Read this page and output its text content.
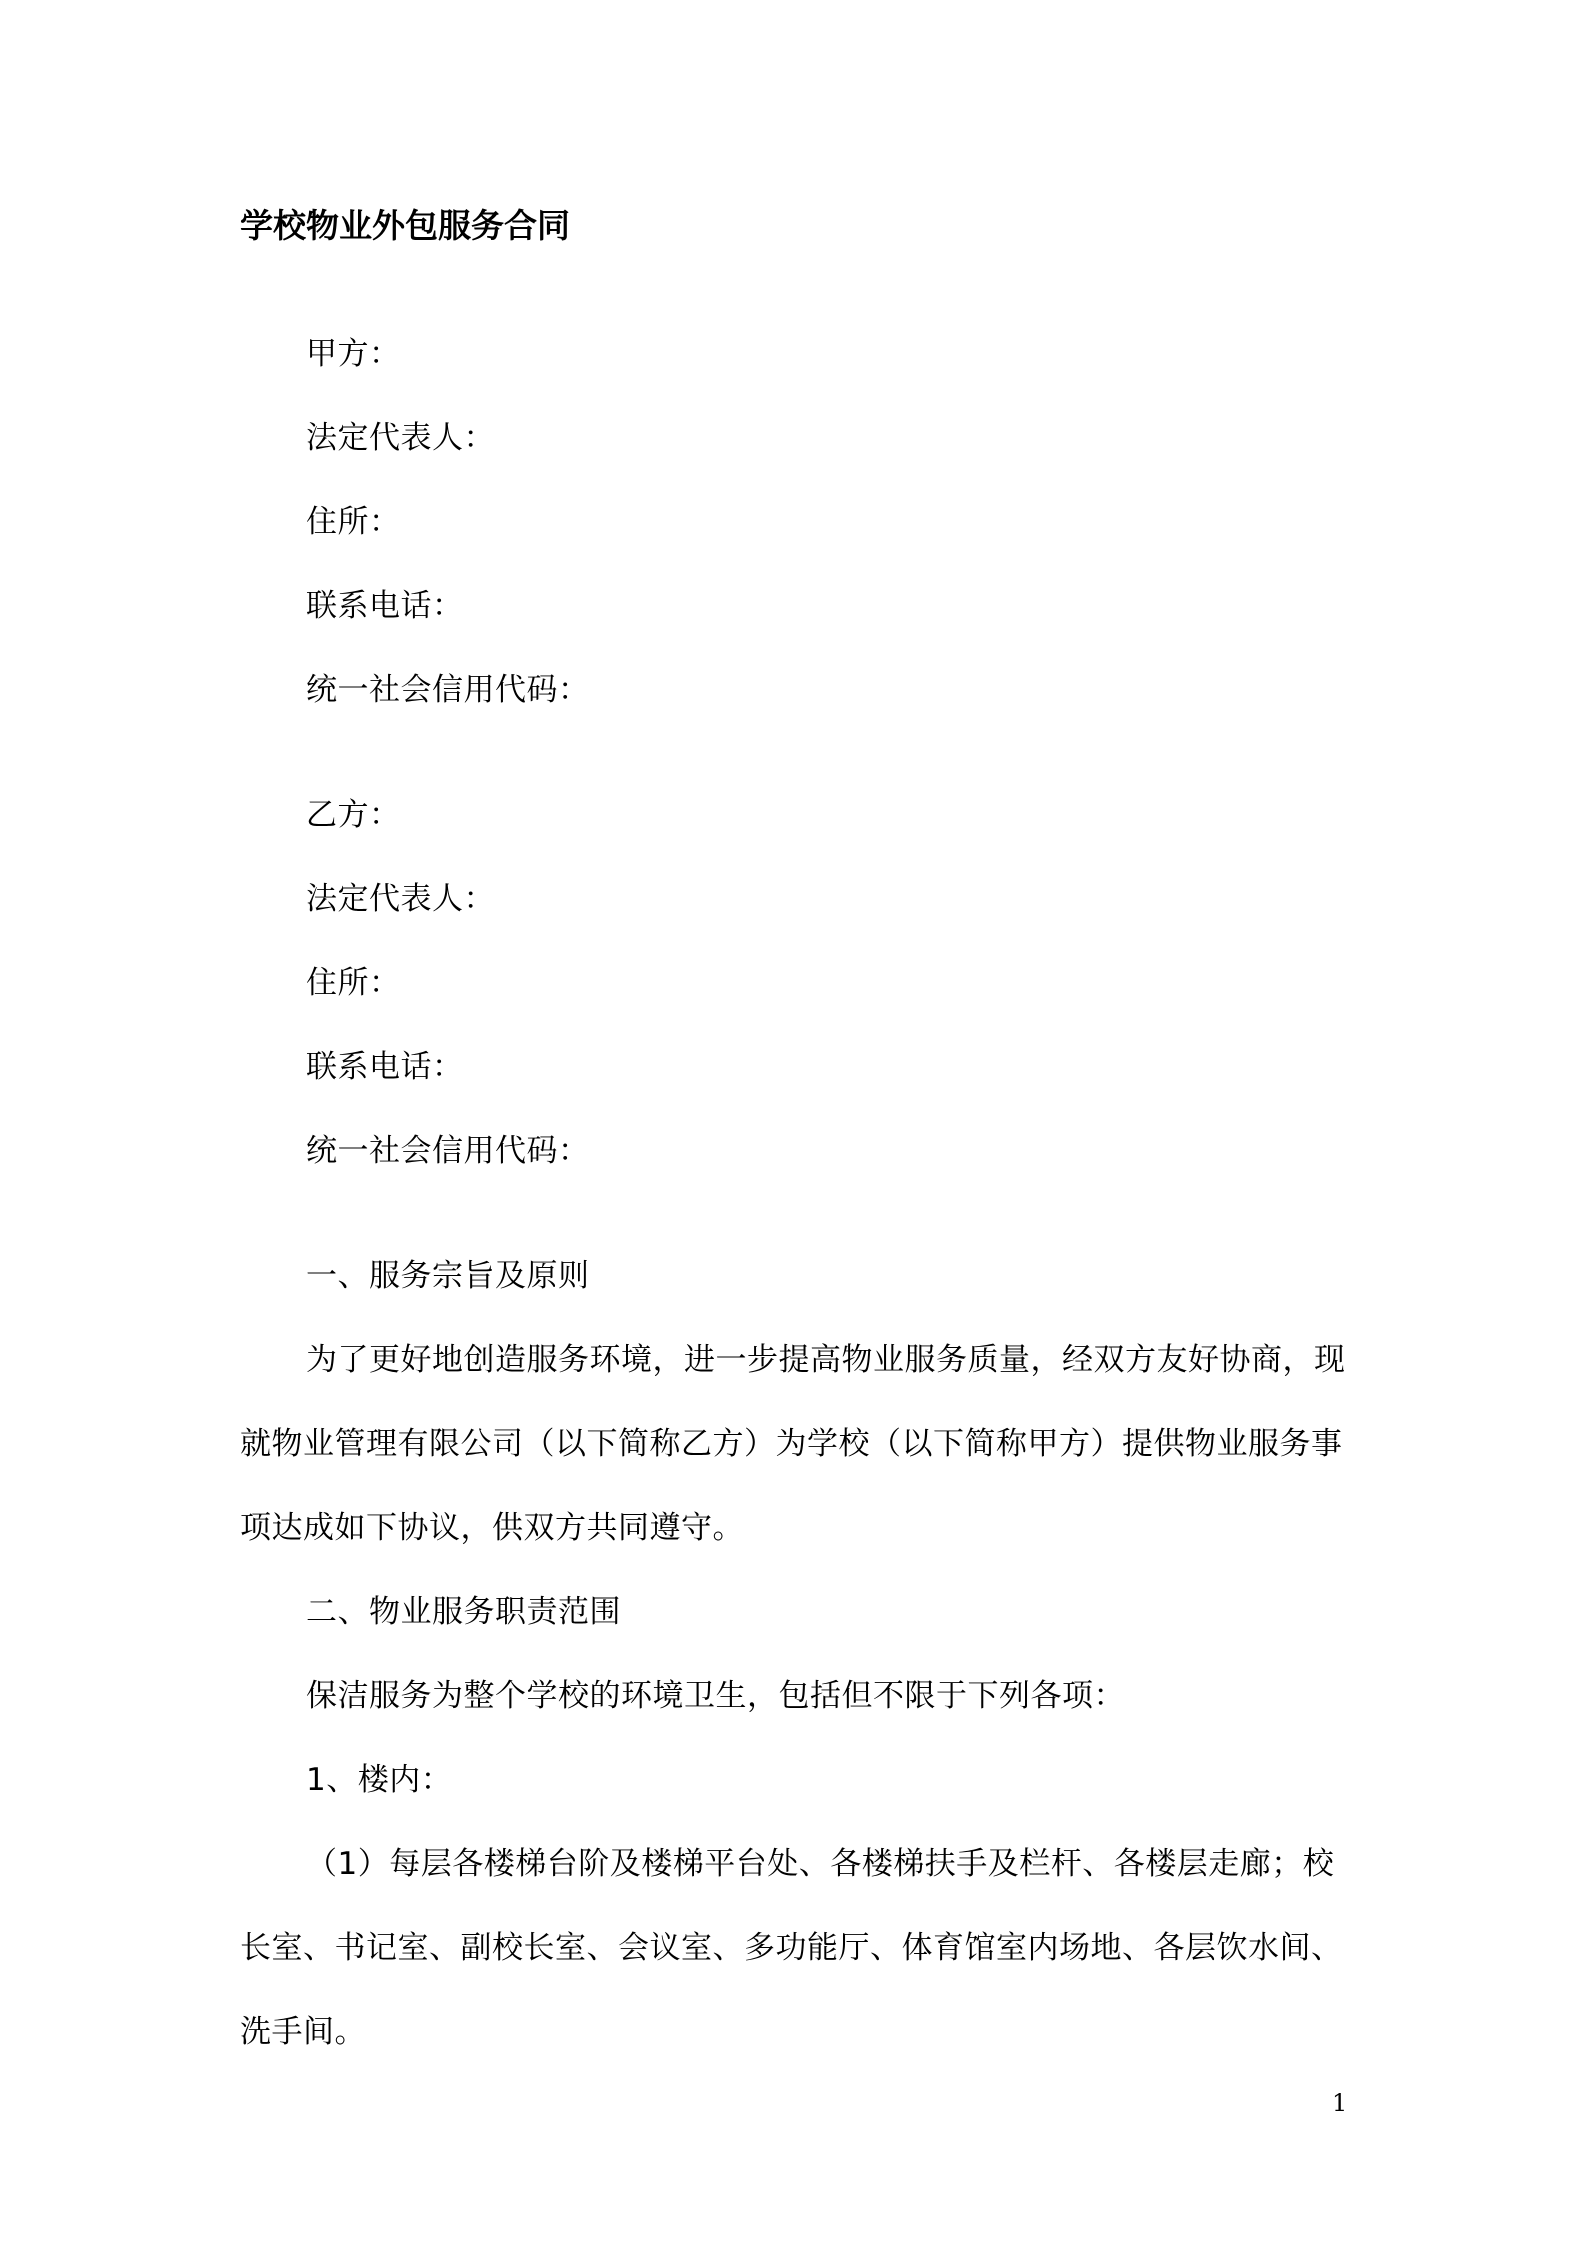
学校物业外包服务合同
甲方：
法定代表人：
住所：
联系电话：
统一社会信用代码：
乙方：
法定代表人：
住所：
联系电话：
统一社会信用代码：
一、服务宗旨及原则
为了更好地创造服务环境，进一步提高物业服务质量，经双方友好协商，现
就物业管理有限公司（以下简称乙方）为学校（以下简称甲方）提供物业服务事
项达成如下协议，供双方共同遵守。
二、物业服务职责范围
保洁服务为整个学校的环境卫生，包括但不限于下列各项：
1、楼内：
（1）每层各楼梯台阶及楼梯平台处、各楼梯扶手及栏杆、各楼层走廊；校
长室、书记室、副校长室、会议室、多功能厅、体育馆室内场地、各层饮水间、
洗手间。
1
